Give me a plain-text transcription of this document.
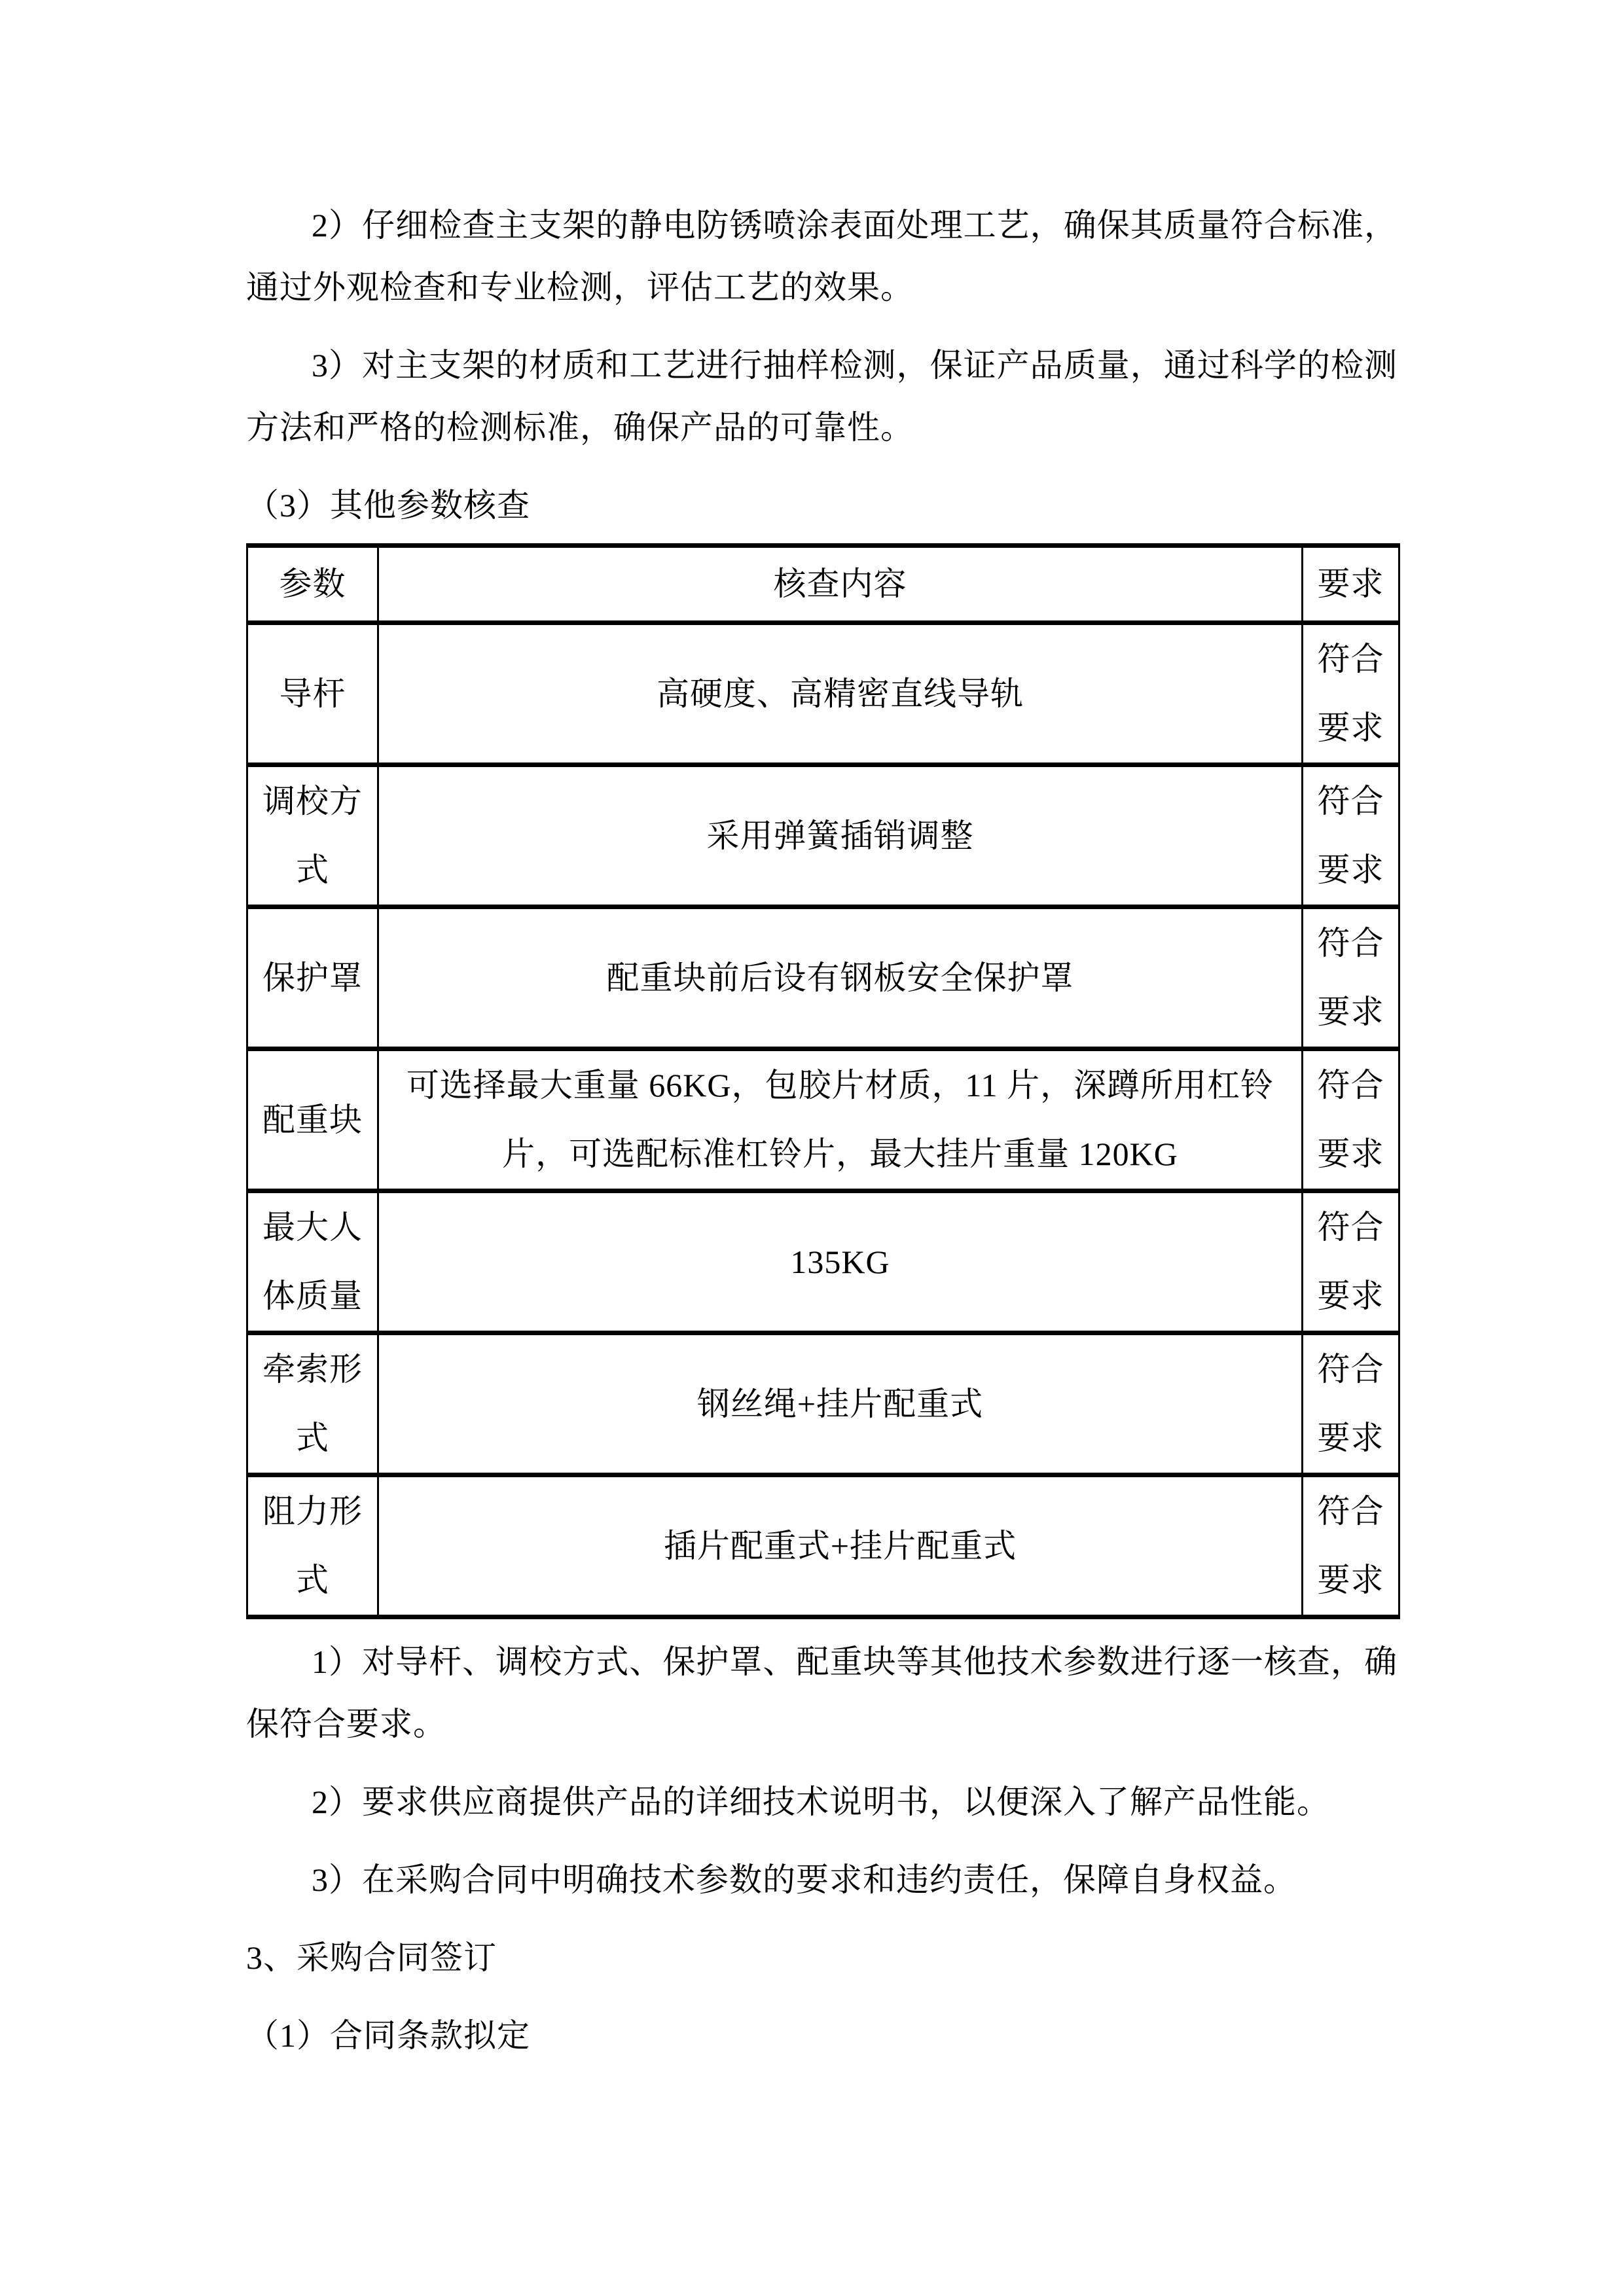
2）仔细检查主支架的静电防锈喷涂表面处理工艺，确保其质量符合标准，通过外观检查和专业检测，评估工艺的效果。

3）对主支架的材质和工艺进行抽样检测，保证产品质量，通过科学的检测方法和严格的检测标准，确保产品的可靠性。

（3）其他参数核查

参数	核查内容	要求
导杆	高硬度、高精密直线导轨	符合要求
调校方式	采用弹簧插销调整	符合要求
保护罩	配重块前后设有钢板安全保护罩	符合要求
配重块	可选择最大重量 66KG，包胶片材质，11 片，深蹲所用杠铃片，可选配标准杠铃片，最大挂片重量 120KG	符合要求
最大人体质量	135KG	符合要求
牵索形式	钢丝绳+挂片配重式	符合要求
阻力形式	插片配重式+挂片配重式	符合要求

1）对导杆、调校方式、保护罩、配重块等其他技术参数进行逐一核查，确保符合要求。

2）要求供应商提供产品的详细技术说明书，以便深入了解产品性能。

3）在采购合同中明确技术参数的要求和违约责任，保障自身权益。

3、采购合同签订

（1）合同条款拟定
